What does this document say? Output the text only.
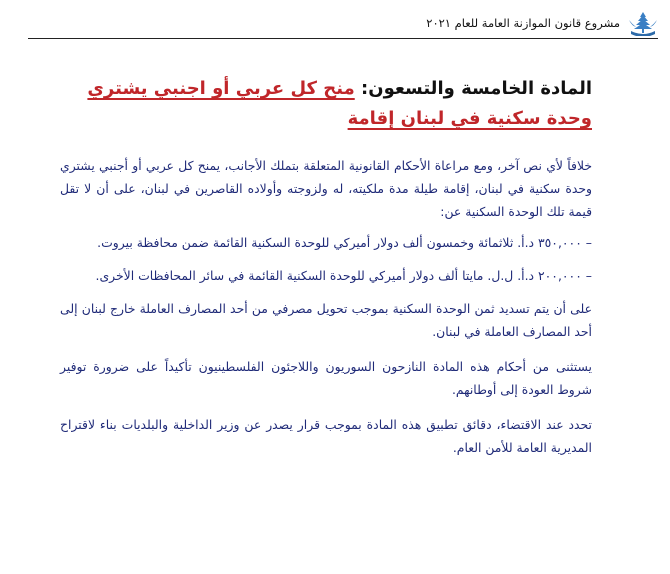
مشروع قانون الموازنة العامة للعام ٢٠٢١
المادة الخامسة والتسعون: منح كل عربي أو اجنبي يشتري وحدة سكنية في لبنان إقامة

خلافاً لأي نص آخر، ومع مراعاة الأحكام القانونية المتعلقة بتملك الأجانب، يمنح كل عربي أو أجنبي يشتري وحدة سكنية في لبنان، إقامة طيلة مدة ملكيته، له ولزوجته وأولاده القاصرين في لبنان، على أن لا تقل قيمة تلك الوحدة السكنية عن:

– ٣٥٠,٠٠٠ د.أ. ثلاثمائة وخمسون ألف دولار أميركي للوحدة السكنية القائمة ضمن محافظة بيروت.

– ٢٠٠,٠٠٠ د.أ. ل.ل. مايتا ألف دولار أميركي للوحدة السكنية القائمة في سائر المحافظات الأخرى.

على أن يتم تسديد ثمن الوحدة السكنية بموجب تحويل مصرفي من أحد المصارف العاملة خارج لبنان إلى أحد المصارف العاملة في لبنان.

يستثنى من أحكام هذه المادة النازحون السوريون واللاجئون الفلسطينيون تأكيداً على ضرورة توفير شروط العودة إلى أوطانهم.

تحدد عند الاقتضاء، دقائق تطبيق هذه المادة بموجب قرار يصدر عن وزير الداخلية والبلديات بناء لاقتراح المديرية العامة للأمن العام.
